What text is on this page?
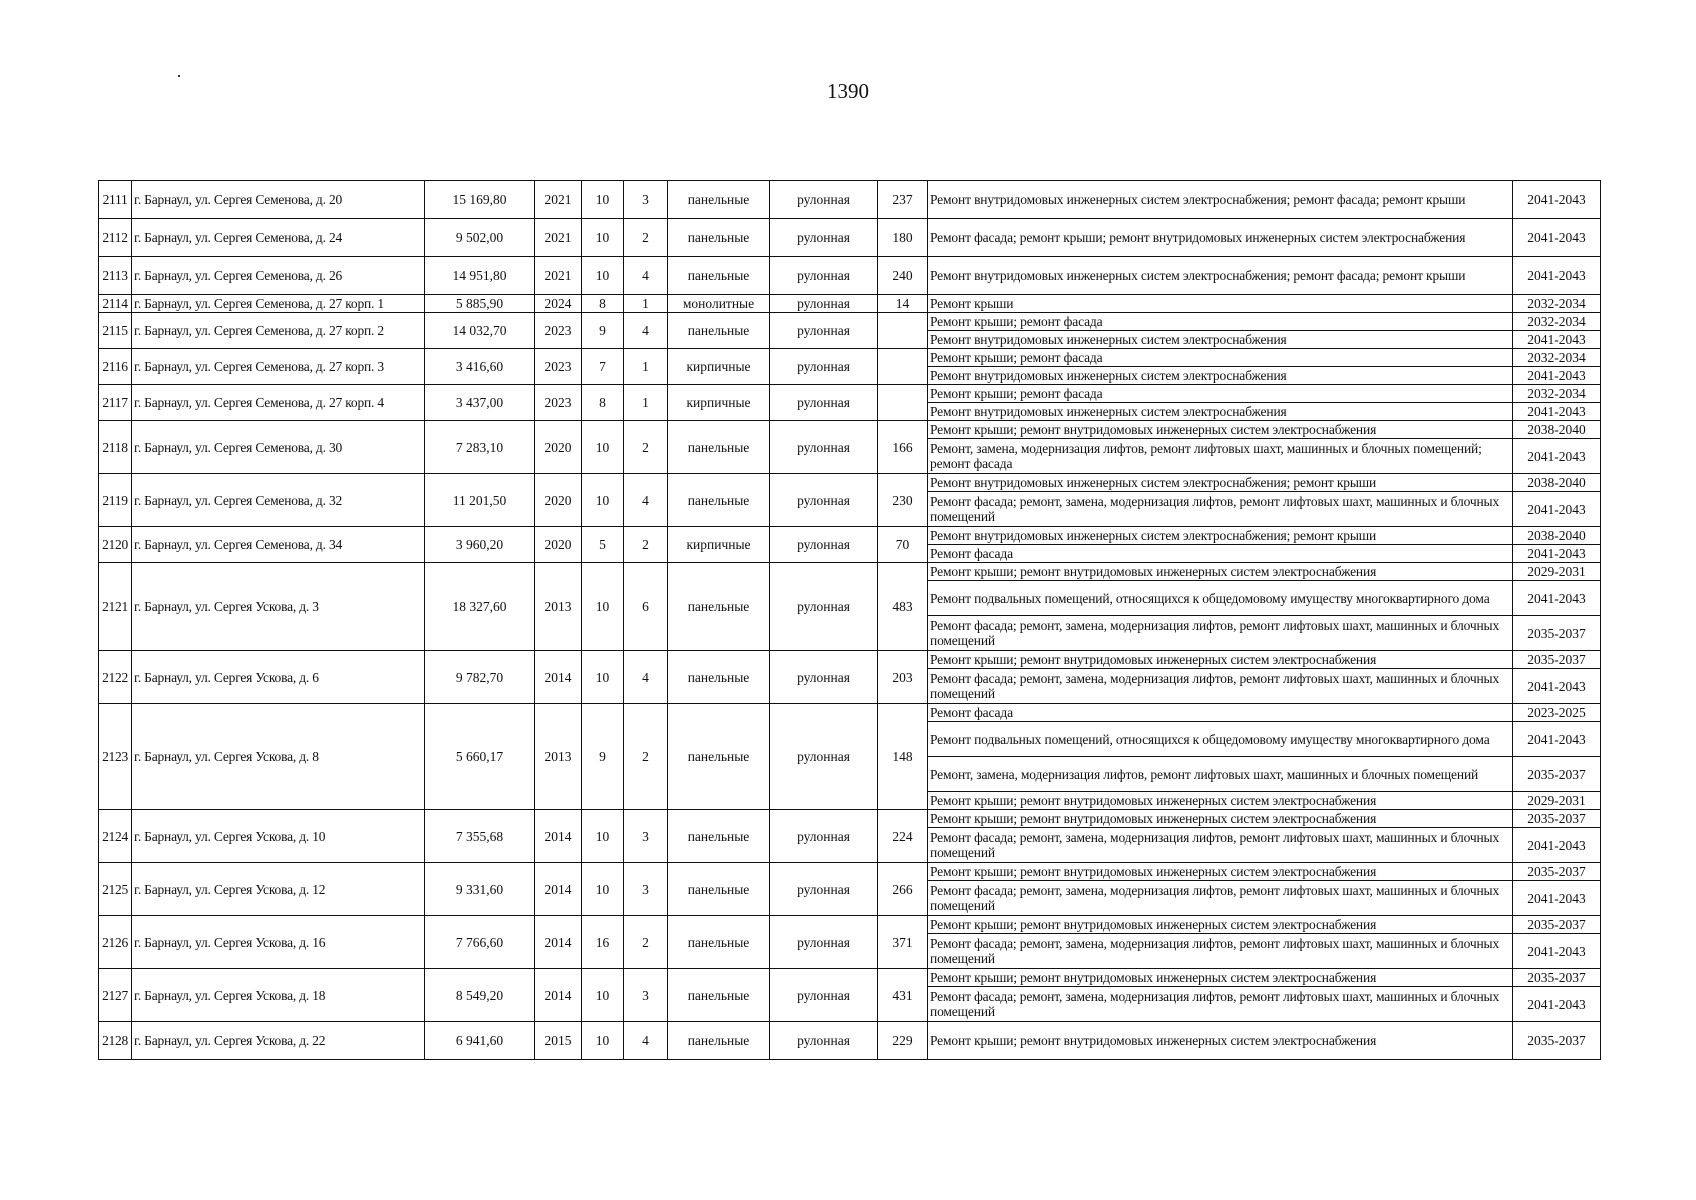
1390
2111	г. Барнаул, ул. Сергея Семенова, д. 20	15 169,80	2021	10	3	панельные	рулонная	237	Ремонт внутридомовых инженерных систем электроснабжения; ремонт фасада; ремонт крыши	2041-2043
2112	г. Барнаул, ул. Сергея Семенова, д. 24	9 502,00	2021	10	2	панельные	рулонная	180	Ремонт фасада; ремонт крыши; ремонт внутридомовых инженерных систем электроснабжения	2041-2043
2113	г. Барнаул, ул. Сергея Семенова, д. 26	14 951,80	2021	10	4	панельные	рулонная	240	Ремонт внутридомовых инженерных систем электроснабжения; ремонт фасада; ремонт крыши	2041-2043
2114	г. Барнаул, ул. Сергея Семенова, д. 27 корп. 1	5 885,90	2024	8	1	монолитные	рулонная	14	Ремонт крыши	2032-2034
2115	г. Барнаул, ул. Сергея Семенова, д. 27 корп. 2	14 032,70	2023	9	4	панельные	рулонная		Ремонт крыши; ремонт фасада	2032-2034
									Ремонт внутридомовых инженерных систем электроснабжения	2041-2043
2116	г. Барнаул, ул. Сергея Семенова, д. 27 корп. 3	3 416,60	2023	7	1	кирпичные	рулонная		Ремонт крыши; ремонт фасада	2032-2034
									Ремонт внутридомовых инженерных систем электроснабжения	2041-2043
2117	г. Барнаул, ул. Сергея Семенова, д. 27 корп. 4	3 437,00	2023	8	1	кирпичные	рулонная		Ремонт крыши; ремонт фасада	2032-2034
									Ремонт внутридомовых инженерных систем электроснабжения	2041-2043
2118	г. Барнаул, ул. Сергея Семенова, д. 30	7 283,10	2020	10	2	панельные	рулонная	166	Ремонт крыши; ремонт внутридомовых инженерных систем электроснабжения	2038-2040
									Ремонт, замена, модернизация лифтов, ремонт лифтовых шахт, машинных и блочных помещений; ремонт фасада	2041-2043
2119	г. Барнаул, ул. Сергея Семенова, д. 32	11 201,50	2020	10	4	панельные	рулонная	230	Ремонт внутридомовых инженерных систем электроснабжения; ремонт крыши	2038-2040
									Ремонт фасада; ремонт, замена, модернизация лифтов, ремонт лифтовых шахт, машинных и блочных помещений	2041-2043
2120	г. Барнаул, ул. Сергея Семенова, д. 34	3 960,20	2020	5	2	кирпичные	рулонная	70	Ремонт внутридомовых инженерных систем электроснабжения; ремонт крыши	2038-2040
									Ремонт фасада	2041-2043
2121	г. Барнаул, ул. Сергея Ускова, д. 3	18 327,60	2013	10	6	панельные	рулонная	483	Ремонт крыши; ремонт внутридомовых инженерных систем электроснабжения	2029-2031
									Ремонт подвальных помещений, относящихся к общедомовому имуществу многоквартирного дома	2041-2043
									Ремонт фасада; ремонт, замена, модернизация лифтов, ремонт лифтовых шахт, машинных и блочных помещений	2035-2037
2122	г. Барнаул, ул. Сергея Ускова, д. 6	9 782,70	2014	10	4	панельные	рулонная	203	Ремонт крыши; ремонт внутридомовых инженерных систем электроснабжения	2035-2037
									Ремонт фасада; ремонт, замена, модернизация лифтов, ремонт лифтовых шахт, машинных и блочных помещений	2041-2043
2123	г. Барнаул, ул. Сергея Ускова, д. 8	5 660,17	2013	9	2	панельные	рулонная	148	Ремонт фасада	2023-2025
									Ремонт подвальных помещений, относящихся к общедомовому имуществу многоквартирного дома	2041-2043
									Ремонт, замена, модернизация лифтов, ремонт лифтовых шахт, машинных и блочных помещений	2035-2037
									Ремонт крыши; ремонт внутридомовых инженерных систем электроснабжения	2029-2031
2124	г. Барнаул, ул. Сергея Ускова, д. 10	7 355,68	2014	10	3	панельные	рулонная	224	Ремонт крыши; ремонт внутридомовых инженерных систем электроснабжения	2035-2037
									Ремонт фасада; ремонт, замена, модернизация лифтов, ремонт лифтовых шахт, машинных и блочных помещений	2041-2043
2125	г. Барнаул, ул. Сергея Ускова, д. 12	9 331,60	2014	10	3	панельные	рулонная	266	Ремонт крыши; ремонт внутридомовых инженерных систем электроснабжения	2035-2037
									Ремонт фасада; ремонт, замена, модернизация лифтов, ремонт лифтовых шахт, машинных и блочных помещений	2041-2043
2126	г. Барнаул, ул. Сергея Ускова, д. 16	7 766,60	2014	16	2	панельные	рулонная	371	Ремонт крыши; ремонт внутридомовых инженерных систем электроснабжения	2035-2037
									Ремонт фасада; ремонт, замена, модернизация лифтов, ремонт лифтовых шахт, машинных и блочных помещений	2041-2043
2127	г. Барнаул, ул. Сергея Ускова, д. 18	8 549,20	2014	10	3	панельные	рулонная	431	Ремонт крыши; ремонт внутридомовых инженерных систем электроснабжения	2035-2037
									Ремонт фасада; ремонт, замена, модернизация лифтов, ремонт лифтовых шахт, машинных и блочных помещений	2041-2043
2128	г. Барнаул, ул. Сергея Ускова, д. 22	6 941,60	2015	10	4	панельные	рулонная	229	Ремонт крыши; ремонт внутридомовых инженерных систем электроснабжения	2035-2037
